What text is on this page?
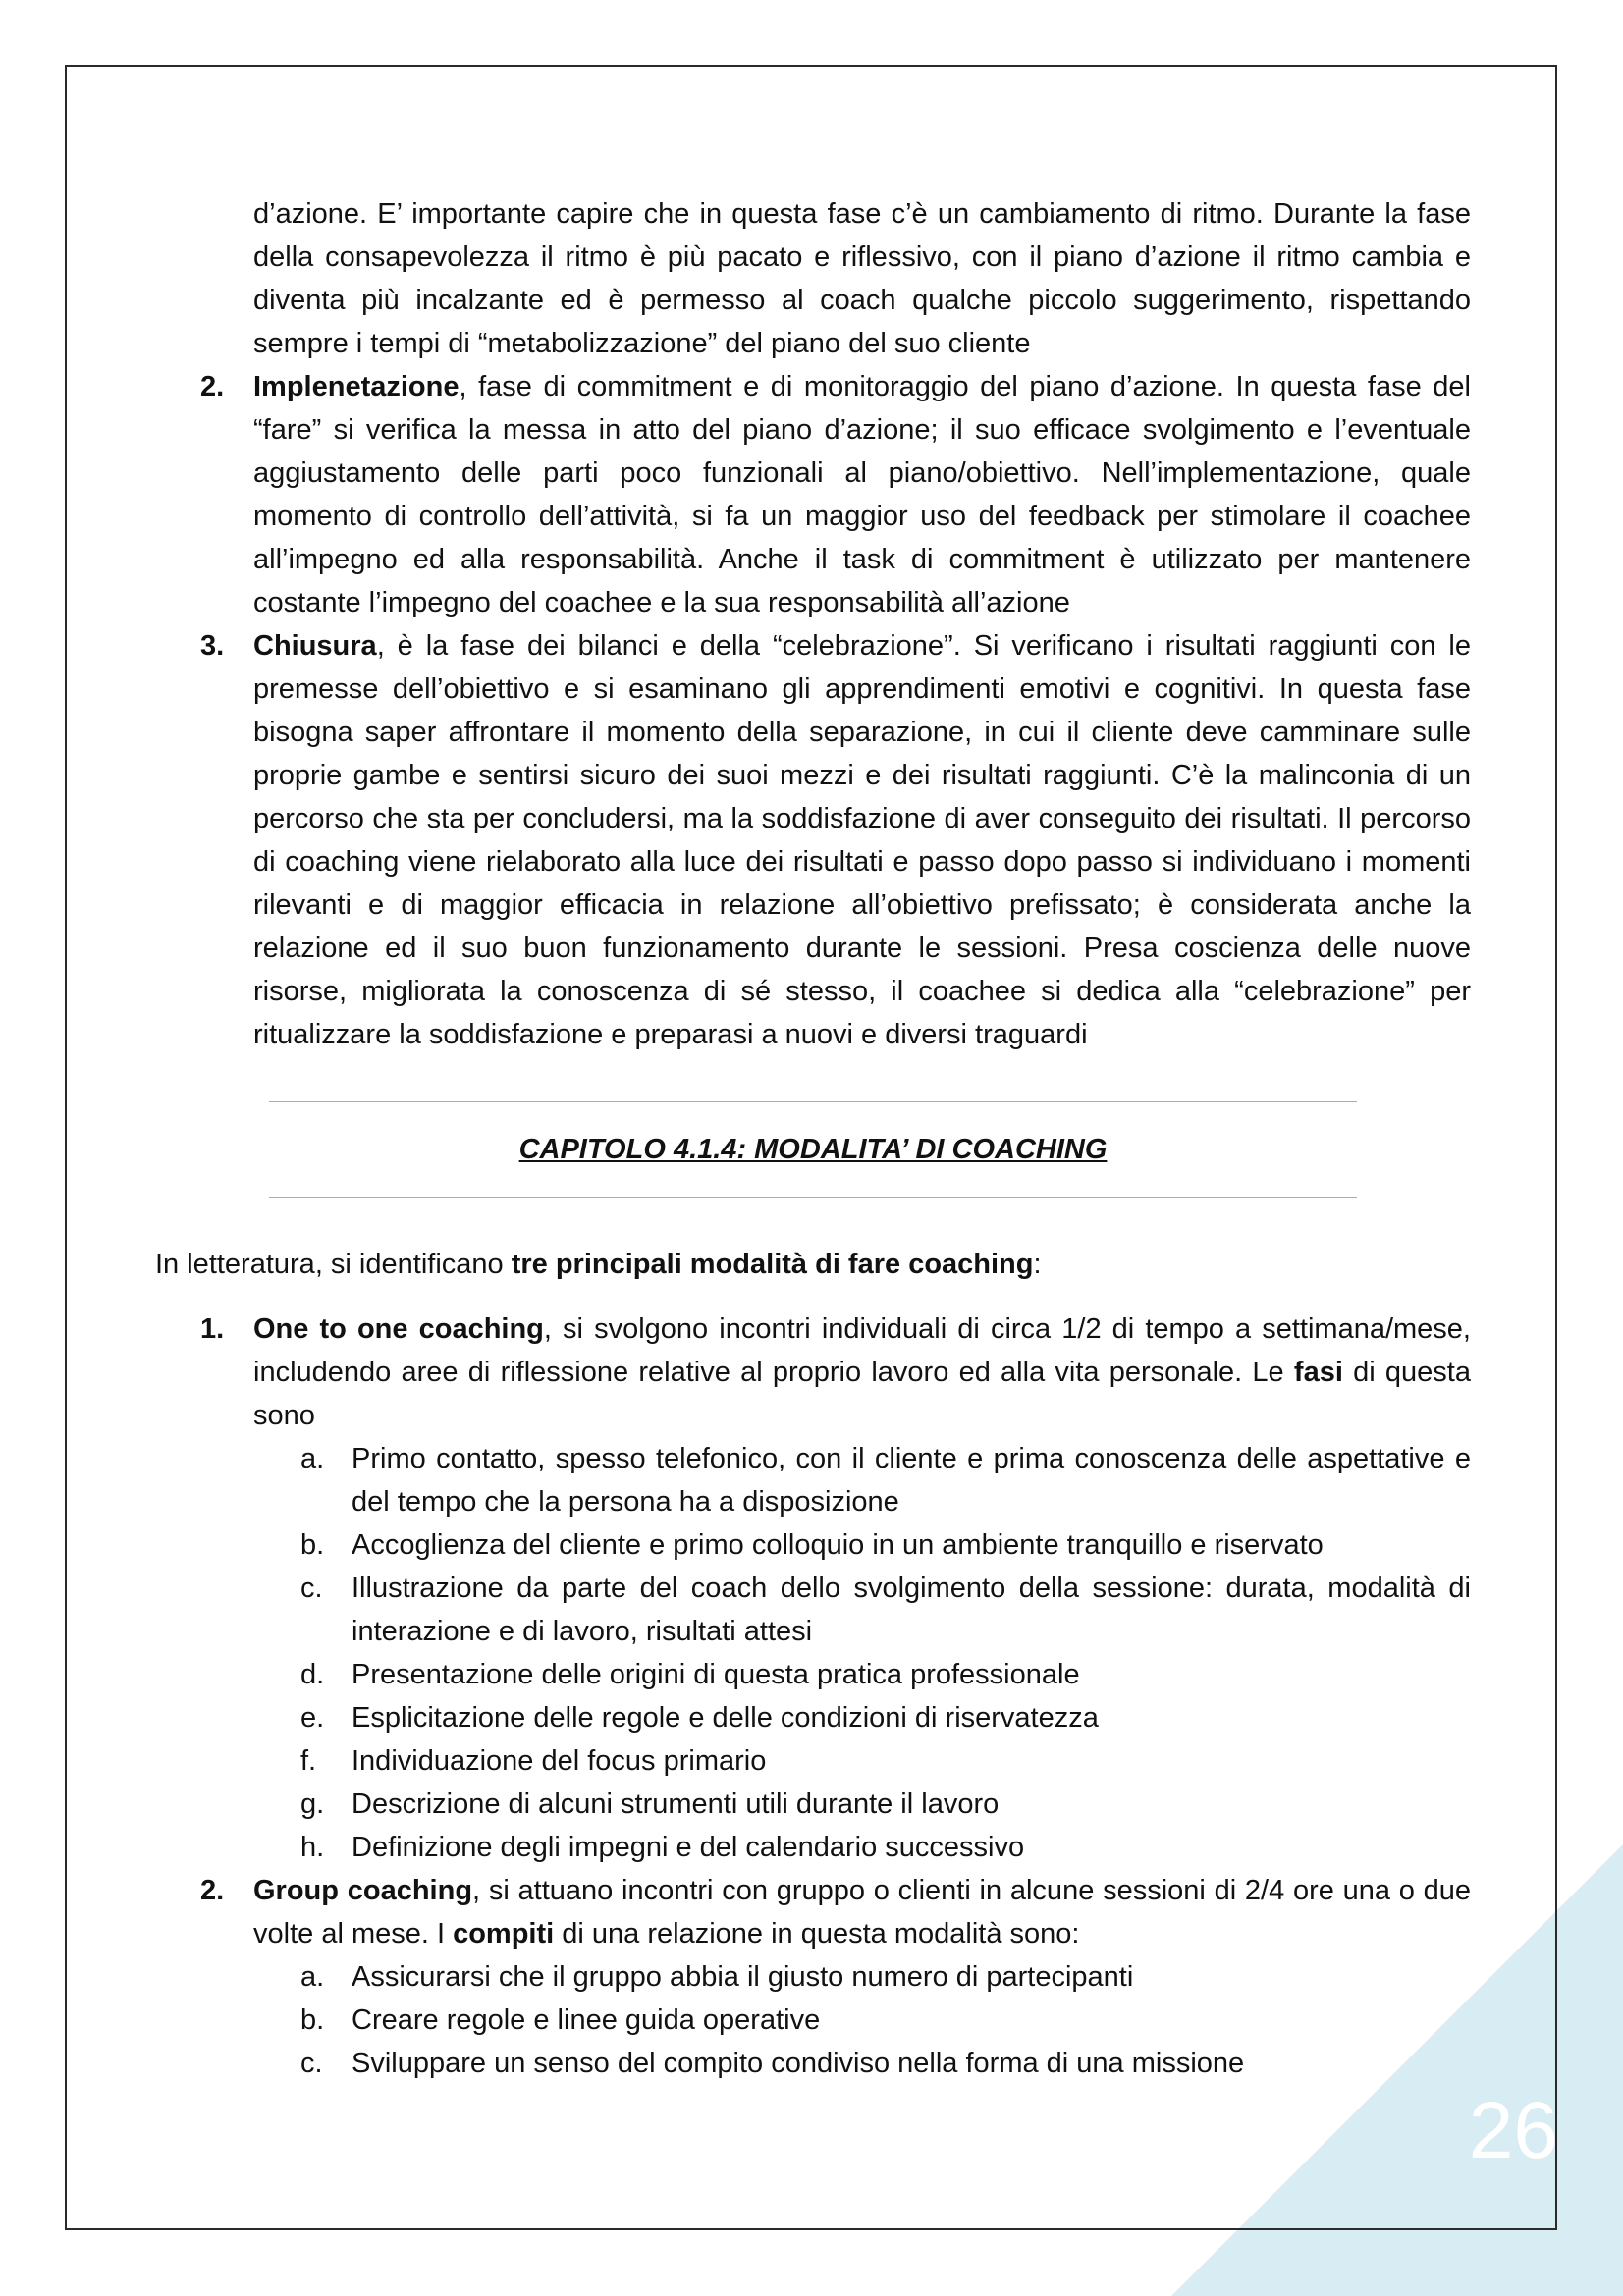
26

d’azione. E’ importante capire che in questa fase c’è un cambiamento di ritmo. Durante la fase della consapevolezza il ritmo è più pacato e riflessivo, con il piano d’azione il ritmo cambia e diventa più incalzante ed è permesso al coach qualche piccolo suggerimento, rispettando sempre i tempi di “metabolizzazione” del piano del suo cliente

2. Implenetazione, fase di commitment e di monitoraggio del piano d’azione. In questa fase del “fare” si verifica la messa in atto del piano d’azione; il suo efficace svolgimento e l’eventuale aggiustamento delle parti poco funzionali al piano/obiettivo. Nell’implementazione, quale momento di controllo dell’attività, si fa un maggior uso del feedback per stimolare il coachee all’impegno ed alla responsabilità. Anche il task di commitment è utilizzato per mantenere costante l’impegno del coachee e la sua responsabilità all’azione
3. Chiusura, è la fase dei bilanci e della “celebrazione”. Si verificano i risultati raggiunti con le premesse dell’obiettivo e si esaminano gli apprendimenti emotivi e cognitivi. In questa fase bisogna saper affrontare il momento della separazione, in cui il cliente deve camminare sulle proprie gambe e sentirsi sicuro dei suoi mezzi e dei risultati raggiunti. C’è la malinconia di un percorso che sta per concludersi, ma la soddisfazione di aver conseguito dei risultati. Il percorso di coaching viene rielaborato alla luce dei risultati e passo dopo passo si individuano i momenti rilevanti e di maggior efficacia in relazione all’obiettivo prefissato; è considerata anche la relazione ed il suo buon funzionamento durante le sessioni. Presa coscienza delle nuove risorse, migliorata la conoscenza di sé stesso, il coachee si dedica alla “celebrazione” per ritualizzare la soddisfazione e preparasi a nuovi e diversi traguardi
CAPITOLO 4.1.4: MODALITA’ DI COACHING

In letteratura, si identificano tre principali modalità di fare coaching:

1. One to one coaching, si svolgono incontri individuali di circa 1/2 di tempo a settimana/mese, includendo aree di riflessione relative al proprio lavoro ed alla vita personale. Le fasi di questa sono
a. Primo contatto, spesso telefonico, con il cliente e prima conoscenza delle aspettative e del tempo che la persona ha a disposizione
b. Accoglienza del cliente e primo colloquio in un ambiente tranquillo e riservato
c. Illustrazione da parte del coach dello svolgimento della sessione: durata, modalità di interazione e di lavoro, risultati attesi
d. Presentazione delle origini di questa pratica professionale
e. Esplicitazione delle regole e delle condizioni di riservatezza
f. Individuazione del focus primario
g. Descrizione di alcuni strumenti utili durante il lavoro
h. Definizione degli impegni e del calendario successivo
2. Group coaching, si attuano incontri con gruppo o clienti in alcune sessioni di 2/4 ore una o due volte al mese. I compiti di una relazione in questa modalità sono:
a. Assicurarsi che il gruppo abbia il giusto numero di partecipanti
b. Creare regole e linee guida operative
c. Sviluppare un senso del compito condiviso nella forma di una missione
